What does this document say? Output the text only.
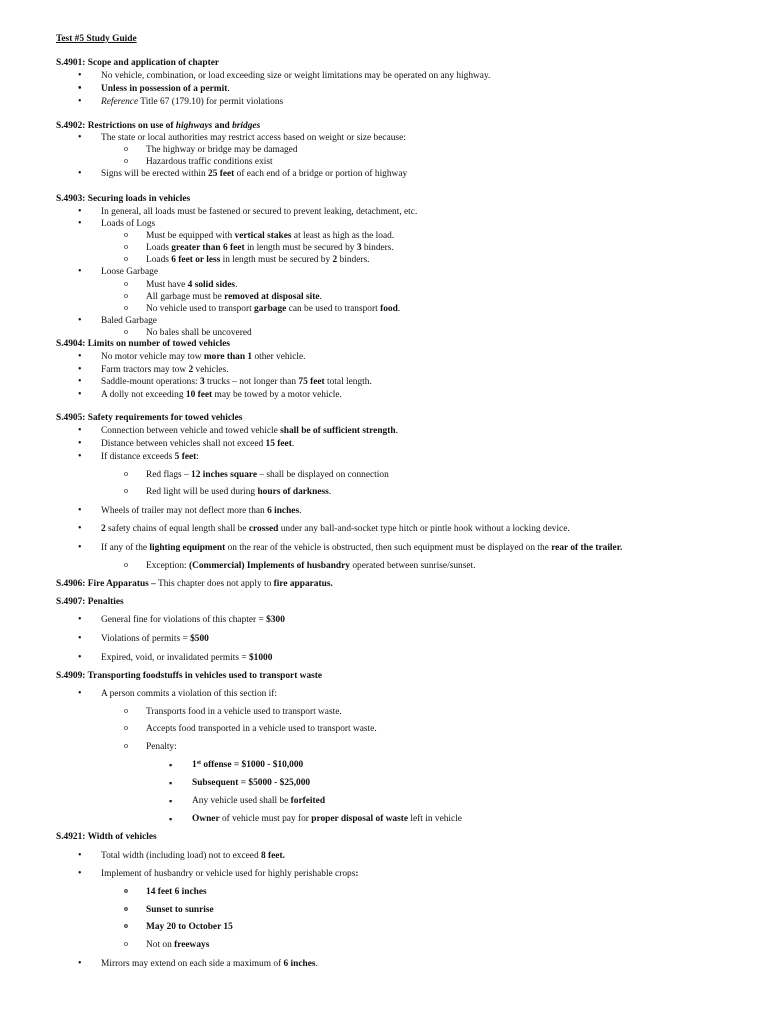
Test #5 Study Guide
S.4901: Scope and application of chapter
• No vehicle, combination, or load exceeding size or weight limitations may be operated on any highway.
• Unless in possession of a permit.
• Reference Title 67 (179.10) for permit violations
S.4902: Restrictions on use of highways and bridges
• The state or local authorities may restrict access based on weight or size because:
o The highway or bridge may be damaged
o Hazardous traffic conditions exist
• Signs will be erected within 25 feet of each end of a bridge or portion of highway
S.4903: Securing loads in vehicles
• In general, all loads must be fastened or secured to prevent leaking, detachment, etc.
• Loads of Logs
o Must be equipped with vertical stakes at least as high as the load.
o Loads greater than 6 feet in length must be secured by 3 binders.
o Loads 6 feet or less in length must be secured by 2 binders.
• Loose Garbage
o Must have 4 solid sides.
o All garbage must be removed at disposal site.
o No vehicle used to transport garbage can be used to transport food.
• Baled Garbage
o No bales shall be uncovered
S.4904: Limits on number of towed vehicles
• No motor vehicle may tow more than 1 other vehicle.
• Farm tractors may tow 2 vehicles.
• Saddle-mount operations: 3 trucks – not longer than 75 feet total length.
• A dolly not exceeding 10 feet may be towed by a motor vehicle.
S.4905: Safety requirements for towed vehicles
• Connection between vehicle and towed vehicle shall be of sufficient strength.
• Distance between vehicles shall not exceed 15 feet.
• If distance exceeds 5 feet:
o Red flags – 12 inches square – shall be displayed on connection
o Red light will be used during hours of darkness.
• Wheels of trailer may not deflect more than 6 inches.
• 2 safety chains of equal length shall be crossed under any ball-and-socket type hitch or pintle hook without a locking device.
• If any of the lighting equipment on the rear of the vehicle is obstructed, then such equipment must be displayed on the rear of the trailer.
o Exception: (Commercial) Implements of husbandry operated between sunrise/sunset.
S.4906: Fire Apparatus – This chapter does not apply to fire apparatus.
S.4907: Penalties
• General fine for violations of this chapter = $300
• Violations of permits = $500
• Expired, void, or invalidated permits = $1000
S.4909: Transporting foodstuffs in vehicles used to transport waste
• A person commits a violation of this section if:
o Transports food in a vehicle used to transport waste.
o Accepts food transported in a vehicle used to transport waste.
o Penalty:
▪ 1st offense = $1000 - $10,000
▪ Subsequent = $5000 - $25,000
▪ Any vehicle used shall be forfeited
▪ Owner of vehicle must pay for proper disposal of waste left in vehicle
S.4921: Width of vehicles
• Total width (including load) not to exceed 8 feet.
• Implement of husbandry or vehicle used for highly perishable crops:
o 14 feet 6 inches
o Sunset to sunrise
o May 20 to October 15
o Not on freeways
• Mirrors may extend on each side a maximum of 6 inches.
